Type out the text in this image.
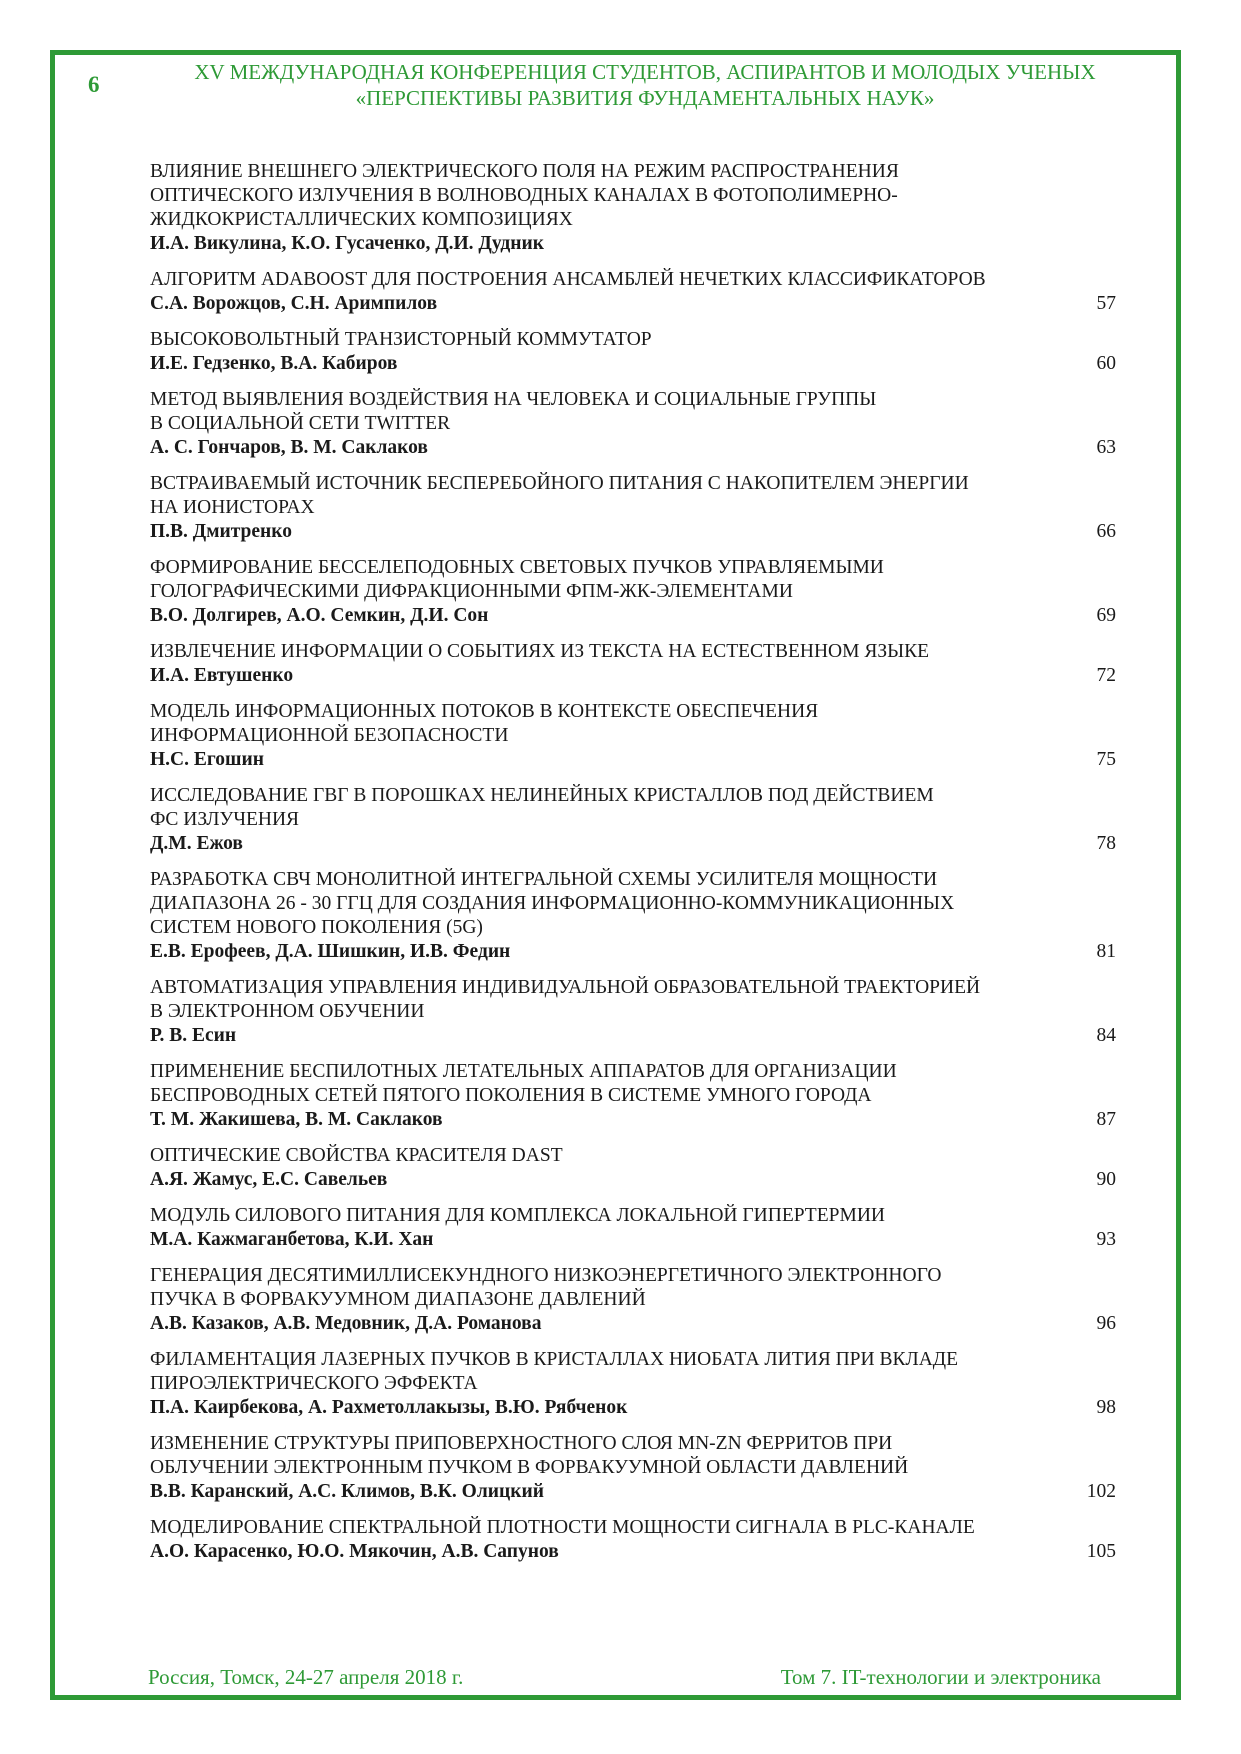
6	XV МЕЖДУНАРОДНАЯ КОНФЕРЕНЦИЯ СТУДЕНТОВ, АСПИРАНТОВ И МОЛОДЫХ УЧЕНЫХ
«ПЕРСПЕКТИВЫ РАЗВИТИЯ ФУНДАМЕНТАЛЬНЫХ НАУК»
ВЛИЯНИЕ ВНЕШНЕГО ЭЛЕКТРИЧЕСКОГО ПОЛЯ НА РЕЖИМ РАСПРОСТРАНЕНИЯ
ОПТИЧЕСКОГО ИЗЛУЧЕНИЯ В ВОЛНОВОДНЫХ КАНАЛАХ В ФОТОПОЛИМЕРНО-
ЖИДКОКРИСТАЛЛИЧЕСКИХ КОМПОЗИЦИЯХ
И.А. Викулина, К.О. Гусаченко, Д.И. Дудник
АЛГОРИТМ ADABOOST ДЛЯ ПОСТРОЕНИЯ АНСАМБЛЕЙ НЕЧЕТКИХ КЛАССИФИКАТОРОВ
С.А. Ворожцов, С.Н. Аримпилов	57
ВЫСОКОВОЛЬТНЫЙ ТРАНЗИСТОРНЫЙ КОММУТАТОР
И.Е. Гедзенко, В.А. Кабиров	60
МЕТОД ВЫЯВЛЕНИЯ ВОЗДЕЙСТВИЯ НА ЧЕЛОВЕКА И СОЦИАЛЬНЫЕ ГРУППЫ
В СОЦИАЛЬНОЙ СЕТИ TWITTER
А. С. Гончаров, В. М. Саклаков	63
ВСТРАИВАЕМЫЙ ИСТОЧНИК БЕСПЕРЕБОЙНОГО ПИТАНИЯ С НАКОПИТЕЛЕМ ЭНЕРГИИ
НА ИОНИСТОРАХ
П.В. Дмитренко	66
ФОРМИРОВАНИЕ БЕССЕЛЕПОДОБНЫХ СВЕТОВЫХ ПУЧКОВ УПРАВЛЯЕМЫМИ
ГОЛОГРАФИЧЕСКИМИ ДИФРАКЦИОННЫМИ ФПМ-ЖК-ЭЛЕМЕНТАМИ
В.О. Долгирев, А.О. Семкин, Д.И. Сон	69
ИЗВЛЕЧЕНИЕ ИНФОРМАЦИИ О СОБЫТИЯХ ИЗ ТЕКСТА НА ЕСТЕСТВЕННОМ ЯЗЫКЕ
И.А. Евтушенко	72
МОДЕЛЬ ИНФОРМАЦИОННЫХ ПОТОКОВ В КОНТЕКСТЕ ОБЕСПЕЧЕНИЯ
ИНФОРМАЦИОННОЙ БЕЗОПАСНОСТИ
Н.С. Егошин	75
ИССЛЕДОВАНИЕ ГВГ В ПОРОШКАХ НЕЛИНЕЙНЫХ КРИСТАЛЛОВ ПОД ДЕЙСТВИЕМ
ФС ИЗЛУЧЕНИЯ
Д.М. Ежов	78
РАЗРАБОТКА СВЧ МОНОЛИТНОЙ ИНТЕГРАЛЬНОЙ СХЕМЫ УСИЛИТЕЛЯ МОЩНОСТИ
ДИАПАЗОНА 26 - 30 ГГЦ ДЛЯ СОЗДАНИЯ ИНФОРМАЦИОННО-КОММУНИКАЦИОННЫХ
СИСТЕМ НОВОГО ПОКОЛЕНИЯ (5G)
Е.В. Ерофеев, Д.А. Шишкин, И.В. Федин	81
АВТОМАТИЗАЦИЯ УПРАВЛЕНИЯ ИНДИВИДУАЛЬНОЙ ОБРАЗОВАТЕЛЬНОЙ ТРАЕКТОРИЕЙ
В ЭЛЕКТРОННОМ ОБУЧЕНИИ
Р. В. Есин	84
ПРИМЕНЕНИЕ БЕСПИЛОТНЫХ ЛЕТАТЕЛЬНЫХ АППАРАТОВ ДЛЯ ОРГАНИЗАЦИИ
БЕСПРОВОДНЫХ СЕТЕЙ ПЯТОГО ПОКОЛЕНИЯ В СИСТЕМЕ УМНОГО ГОРОДА
Т. М. Жакишева, В. М. Саклаков	87
ОПТИЧЕСКИЕ СВОЙСТВА КРАСИТЕЛЯ DAST
А.Я. Жамус, Е.С. Савельев	90
МОДУЛЬ СИЛОВОГО ПИТАНИЯ ДЛЯ КОМПЛЕКСА ЛОКАЛЬНОЙ ГИПЕРТЕРМИИ
М.А. Кажмаганбетова, К.И. Хан	93
ГЕНЕРАЦИЯ ДЕСЯТИМИЛЛИСЕКУНДНОГО НИЗКОЭНЕРГЕТИЧНОГО ЭЛЕКТРОННОГО
ПУЧКА В ФОРВАКУУМНОМ ДИАПАЗОНЕ ДАВЛЕНИЙ
А.В. Казаков, А.В. Медовник, Д.А. Романова	96
ФИЛАМЕНТАЦИЯ ЛАЗЕРНЫХ ПУЧКОВ В КРИСТАЛЛАХ НИОБАТА ЛИТИЯ ПРИ ВКЛАДЕ
ПИРОЭЛЕКТРИЧЕСКОГО ЭФФЕКТА
П.А. Каирбекова, А. Рахметоллакызы, В.Ю. Рябченок	98
ИЗМЕНЕНИЕ СТРУКТУРЫ ПРИПОВЕРХНОСТНОГО СЛОЯ MN-ZN ФЕРРИТОВ ПРИ
ОБЛУЧЕНИИ ЭЛЕКТРОННЫМ ПУЧКОМ В ФОРВАКУУМНОЙ ОБЛАСТИ ДАВЛЕНИЙ
В.В. Каранский, А.С. Климов, В.К. Олицкий	102
МОДЕЛИРОВАНИЕ СПЕКТРАЛЬНОЙ ПЛОТНОСТИ МОЩНОСТИ СИГНАЛА В PLC-КАНАЛЕ
А.О. Карасенко, Ю.О. Мякочин, А.В. Сапунов	105
Россия, Томск, 24-27 апреля 2018 г.	Том 7. IT-технологии и электроника
